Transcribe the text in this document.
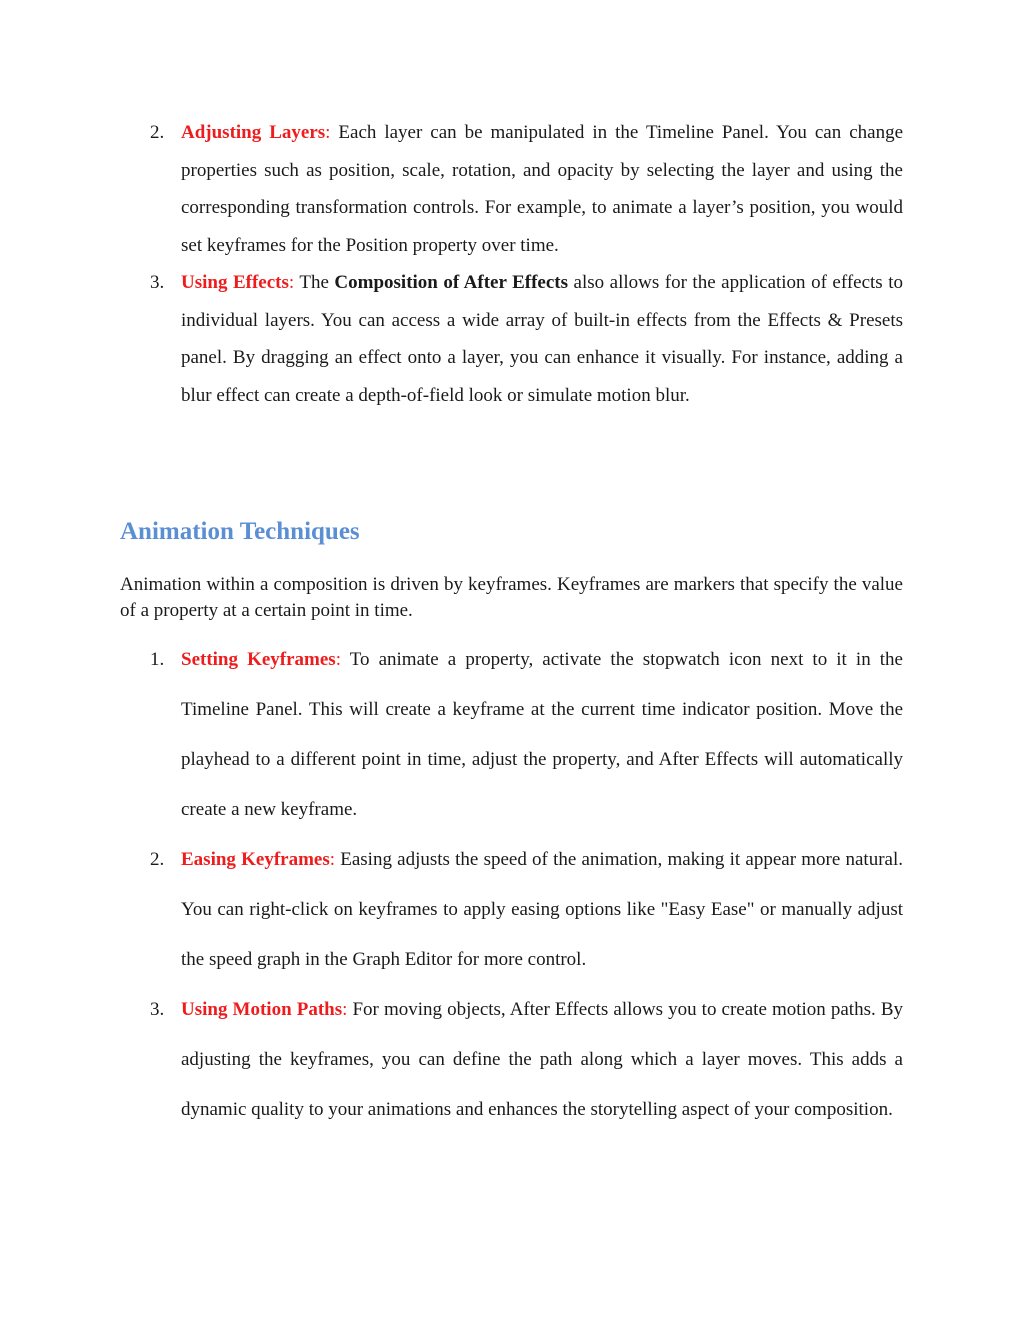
2. Adjusting Layers: Each layer can be manipulated in the Timeline Panel. You can change properties such as position, scale, rotation, and opacity by selecting the layer and using the corresponding transformation controls. For example, to animate a layer’s position, you would set keyframes for the Position property over time.
3. Using Effects: The Composition of After Effects also allows for the application of effects to individual layers. You can access a wide array of built-in effects from the Effects & Presets panel. By dragging an effect onto a layer, you can enhance it visually. For instance, adding a blur effect can create a depth-of-field look or simulate motion blur.
Animation Techniques

Animation within a composition is driven by keyframes. Keyframes are markers that specify the value of a property at a certain point in time.

1. Setting Keyframes: To animate a property, activate the stopwatch icon next to it in the Timeline Panel. This will create a keyframe at the current time indicator position. Move the playhead to a different point in time, adjust the property, and After Effects will automatically create a new keyframe.
2. Easing Keyframes: Easing adjusts the speed of the animation, making it appear more natural. You can right-click on keyframes to apply easing options like "Easy Ease" or manually adjust the speed graph in the Graph Editor for more control.
3. Using Motion Paths: For moving objects, After Effects allows you to create motion paths. By adjusting the keyframes, you can define the path along which a layer moves. This adds a dynamic quality to your animations and enhances the storytelling aspect of your composition.
